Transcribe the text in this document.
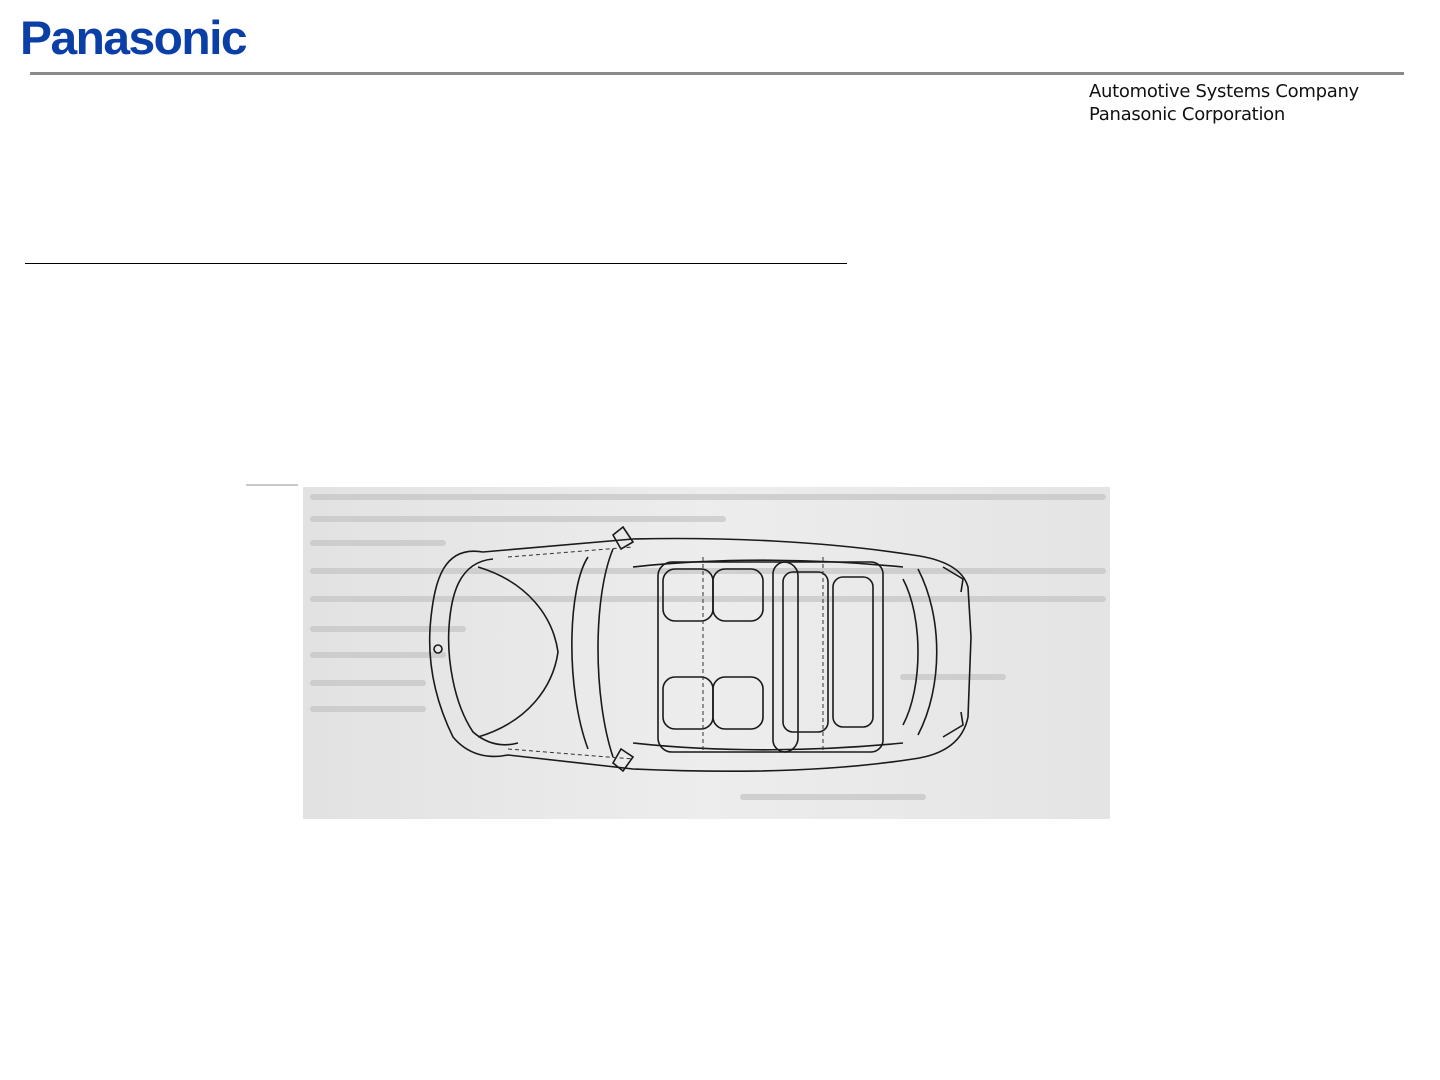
Panasonic
Automotive Systems Company
Panasonic Corporation
